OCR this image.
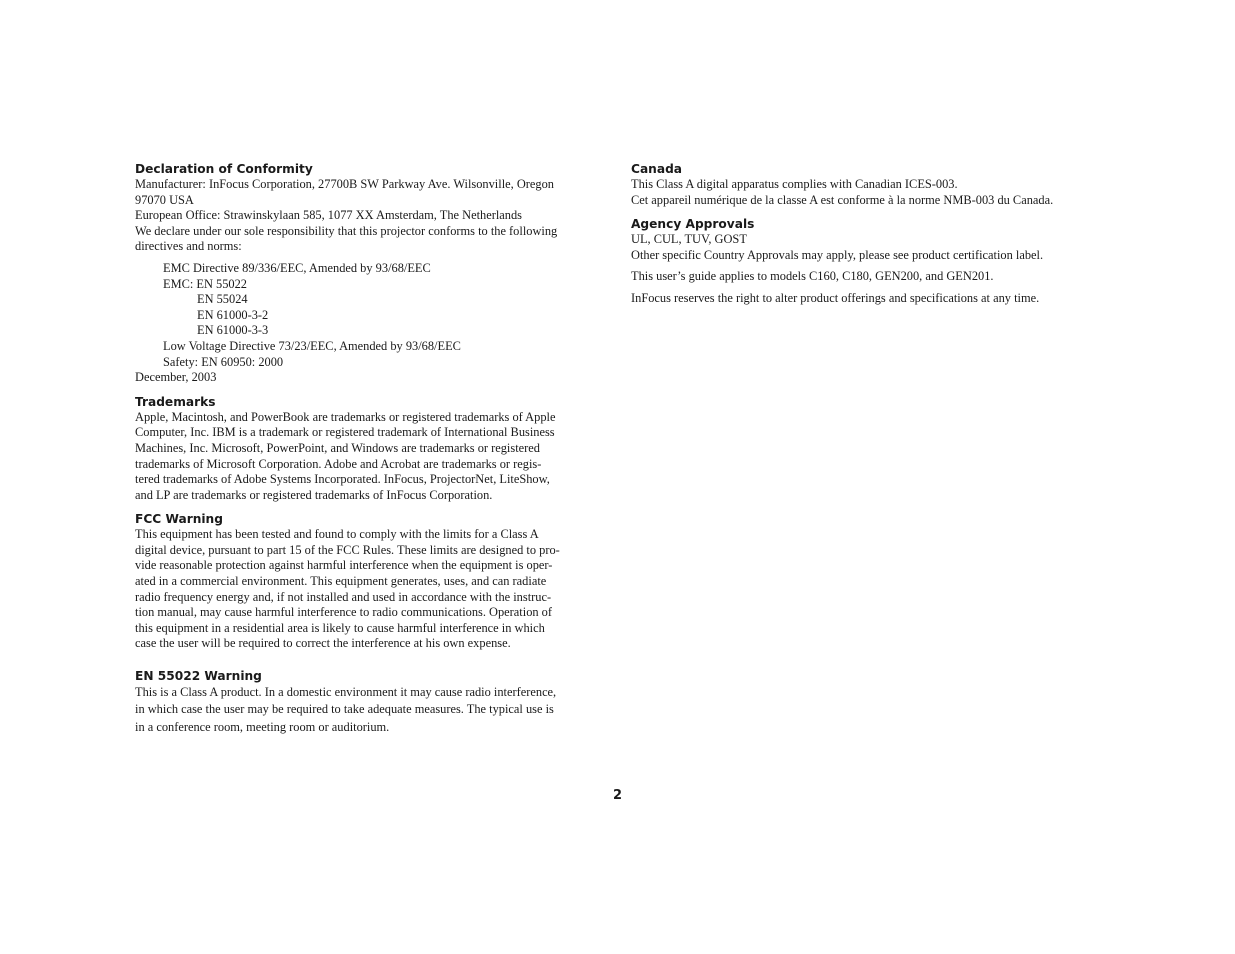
Declaration of Conformity
Manufacturer: InFocus Corporation, 27700B SW Parkway Ave. Wilsonville, Oregon
97070 USA
European Office: Strawinskylaan 585, 1077 XX Amsterdam, The Netherlands
We declare under our sole responsibility that this projector conforms to the following
directives and norms:
EMC Directive 89/336/EEC, Amended by 93/68/EEC
EMC: EN 55022
EN 55024
EN 61000-3-2
EN 61000-3-3
Low Voltage Directive 73/23/EEC, Amended by 93/68/EEC
Safety: EN 60950: 2000
December, 2003
Trademarks
Apple, Macintosh, and PowerBook are trademarks or registered trademarks of Apple
Computer, Inc. IBM is a trademark or registered trademark of International Business
Machines, Inc. Microsoft, PowerPoint, and Windows are trademarks or registered
trademarks of Microsoft Corporation. Adobe and Acrobat are trademarks or regis-
tered trademarks of Adobe Systems Incorporated. InFocus, ProjectorNet, LiteShow,
and LP are trademarks or registered trademarks of InFocus Corporation.
FCC Warning
This equipment has been tested and found to comply with the limits for a Class A
digital device, pursuant to part 15 of the FCC Rules. These limits are designed to pro-
vide reasonable protection against harmful interference when the equipment is oper-
ated in a commercial environment. This equipment generates, uses, and can radiate
radio frequency energy and, if not installed and used in accordance with the instruc-
tion manual, may cause harmful interference to radio communications. Operation of
this equipment in a residential area is likely to cause harmful interference in which
case the user will be required to correct the interference at his own expense.
EN 55022 Warning
This is a Class A product. In a domestic environment it may cause radio interference,
in which case the user may be required to take adequate measures. The typical use is
in a conference room, meeting room or auditorium.
Canada
This Class A digital apparatus complies with Canadian ICES-003.
Cet appareil numérique de la classe A est conforme à la norme NMB-003 du Canada.
Agency Approvals
UL, CUL, TUV, GOST
Other specific Country Approvals may apply, please see product certification label.
This user’s guide applies to models C160, C180, GEN200, and GEN201.
InFocus reserves the right to alter product offerings and specifications at any time.
2
